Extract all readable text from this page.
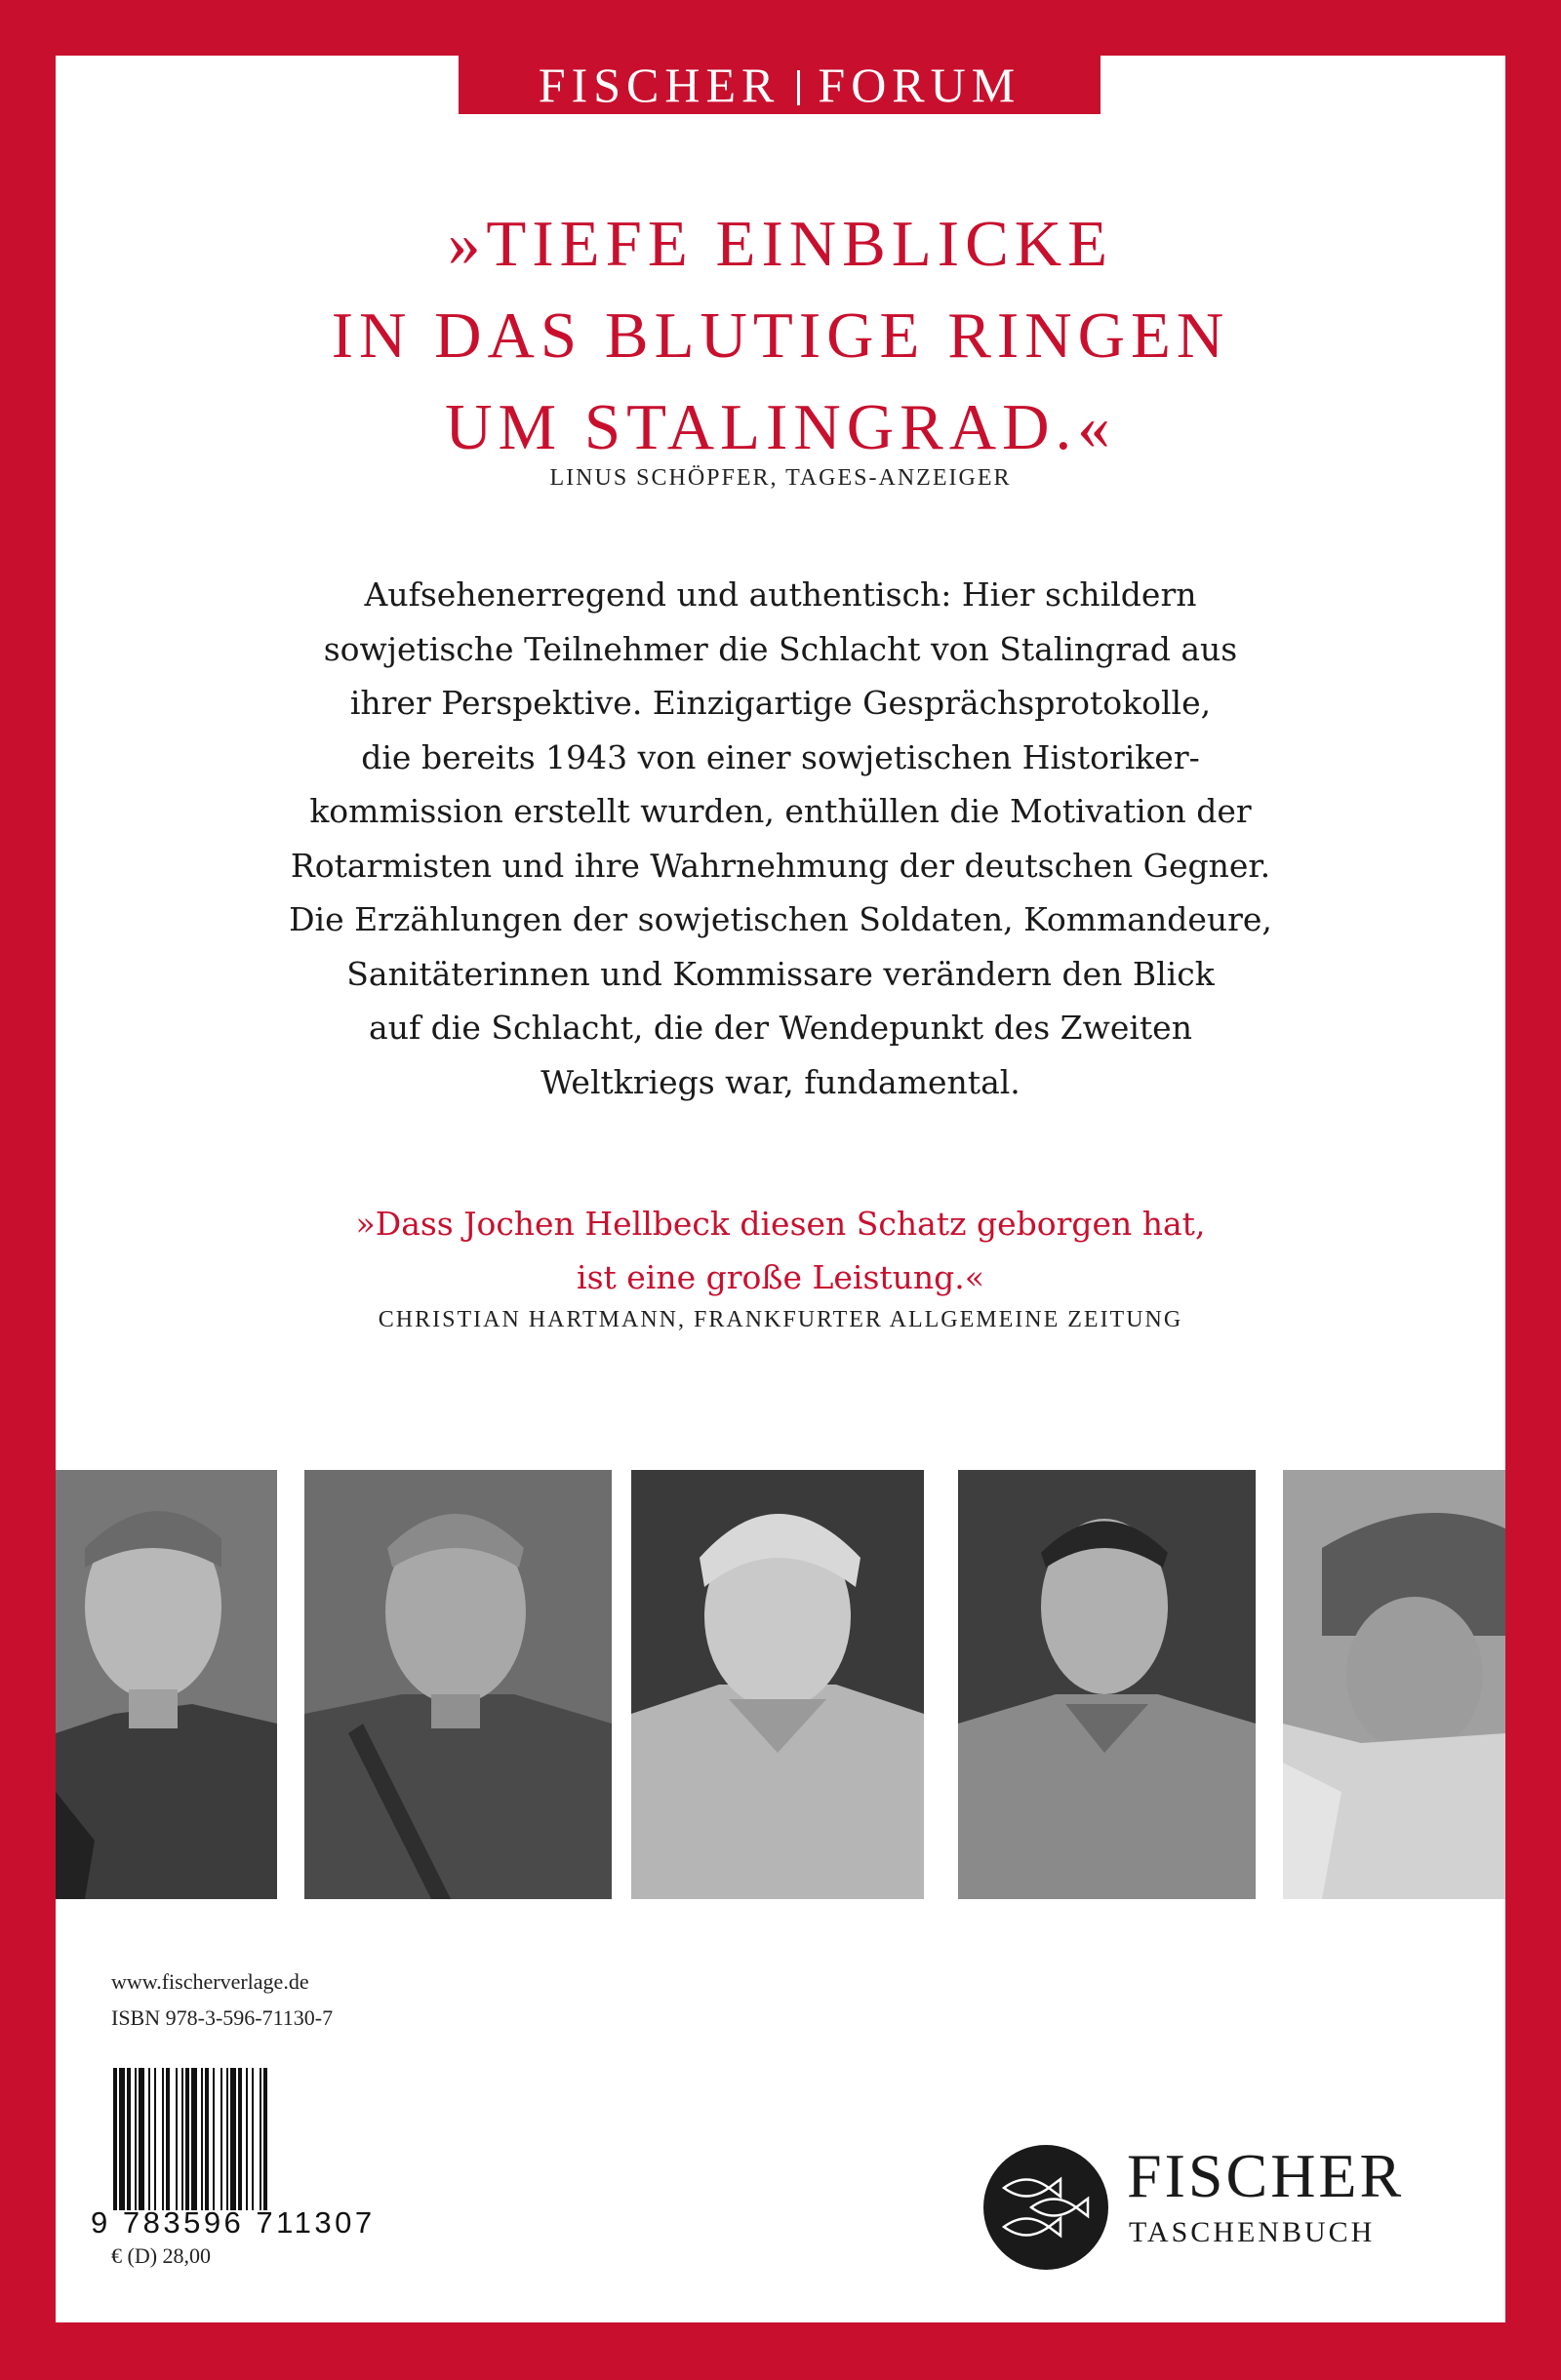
FISCHER FORUM
»TIEFE EINBLICKE
IN DAS BLUTIGE RINGEN
UM STALINGRAD.«
LINUS SCHÖPFER, TAGES-ANZEIGER

Aufsehenerregend und authentisch: Hier schildern

sowjetische Teilnehmer die Schlacht von Stalingrad aus

ihrer Perspektive. Einzigartige Gesprächsprotokolle,

die bereits 1943 von einer sowjetischen Historiker-

kommission erstellt wurden, enthüllen die Motivation der

Rotarmisten und ihre Wahrnehmung der deutschen Gegner.

Die Erzählungen der sowjetischen Soldaten, Kommandeure,

Sanitäterinnen und Kommissare verändern den Blick

auf die Schlacht, die der Wendepunkt des Zweiten

Weltkriegs war, fundamental.

»Dass Jochen Hellbeck diesen Schatz geborgen hat,

ist eine große Leistung.«

CHRISTIAN HARTMANN, FRANKFURTER ALLGEMEINE ZEITUNG
www.fischerverlage.de
ISBN 978-3-596-71130-7
9 783596 711307
€ (D) 28,00
FISCHER
TASCHENBUCH
